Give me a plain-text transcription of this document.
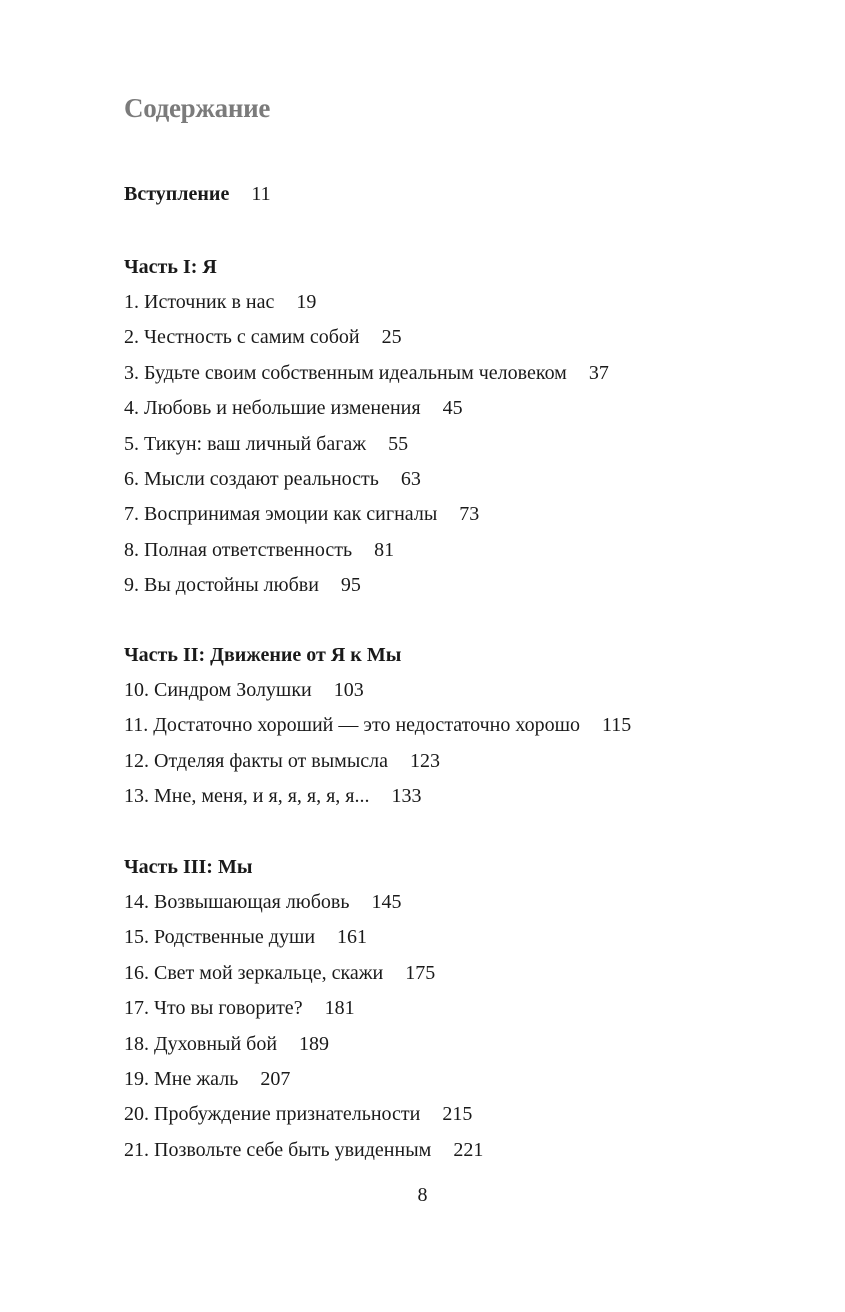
Содержание
Вступление 11
Часть I: Я
1. Источник в нас 19
2. Честность с самим собой 25
3. Будьте своим собственным идеальным человеком 37
4. Любовь и небольшие изменения 45
5. Тикун: ваш личный багаж 55
6. Мысли создают реальность 63
7. Воспринимая эмоции как сигналы 73
8. Полная ответственность 81
9. Вы достойны любви 95
Часть II: Движение от Я к Мы
10. Синдром Золушки 103
11. Достаточно хороший — это недостаточно хорошо 115
12. Отделяя факты от вымысла 123
13. Мне, меня, и я, я, я, я, я... 133
Часть III: Мы
14. Возвышающая любовь 145
15. Родственные души 161
16. Свет мой зеркальце, скажи 175
17. Что вы говорите? 181
18. Духовный бой 189
19. Мне жаль 207
20. Пробуждение признательности 215
21. Позвольте себе быть увиденным 221
8
